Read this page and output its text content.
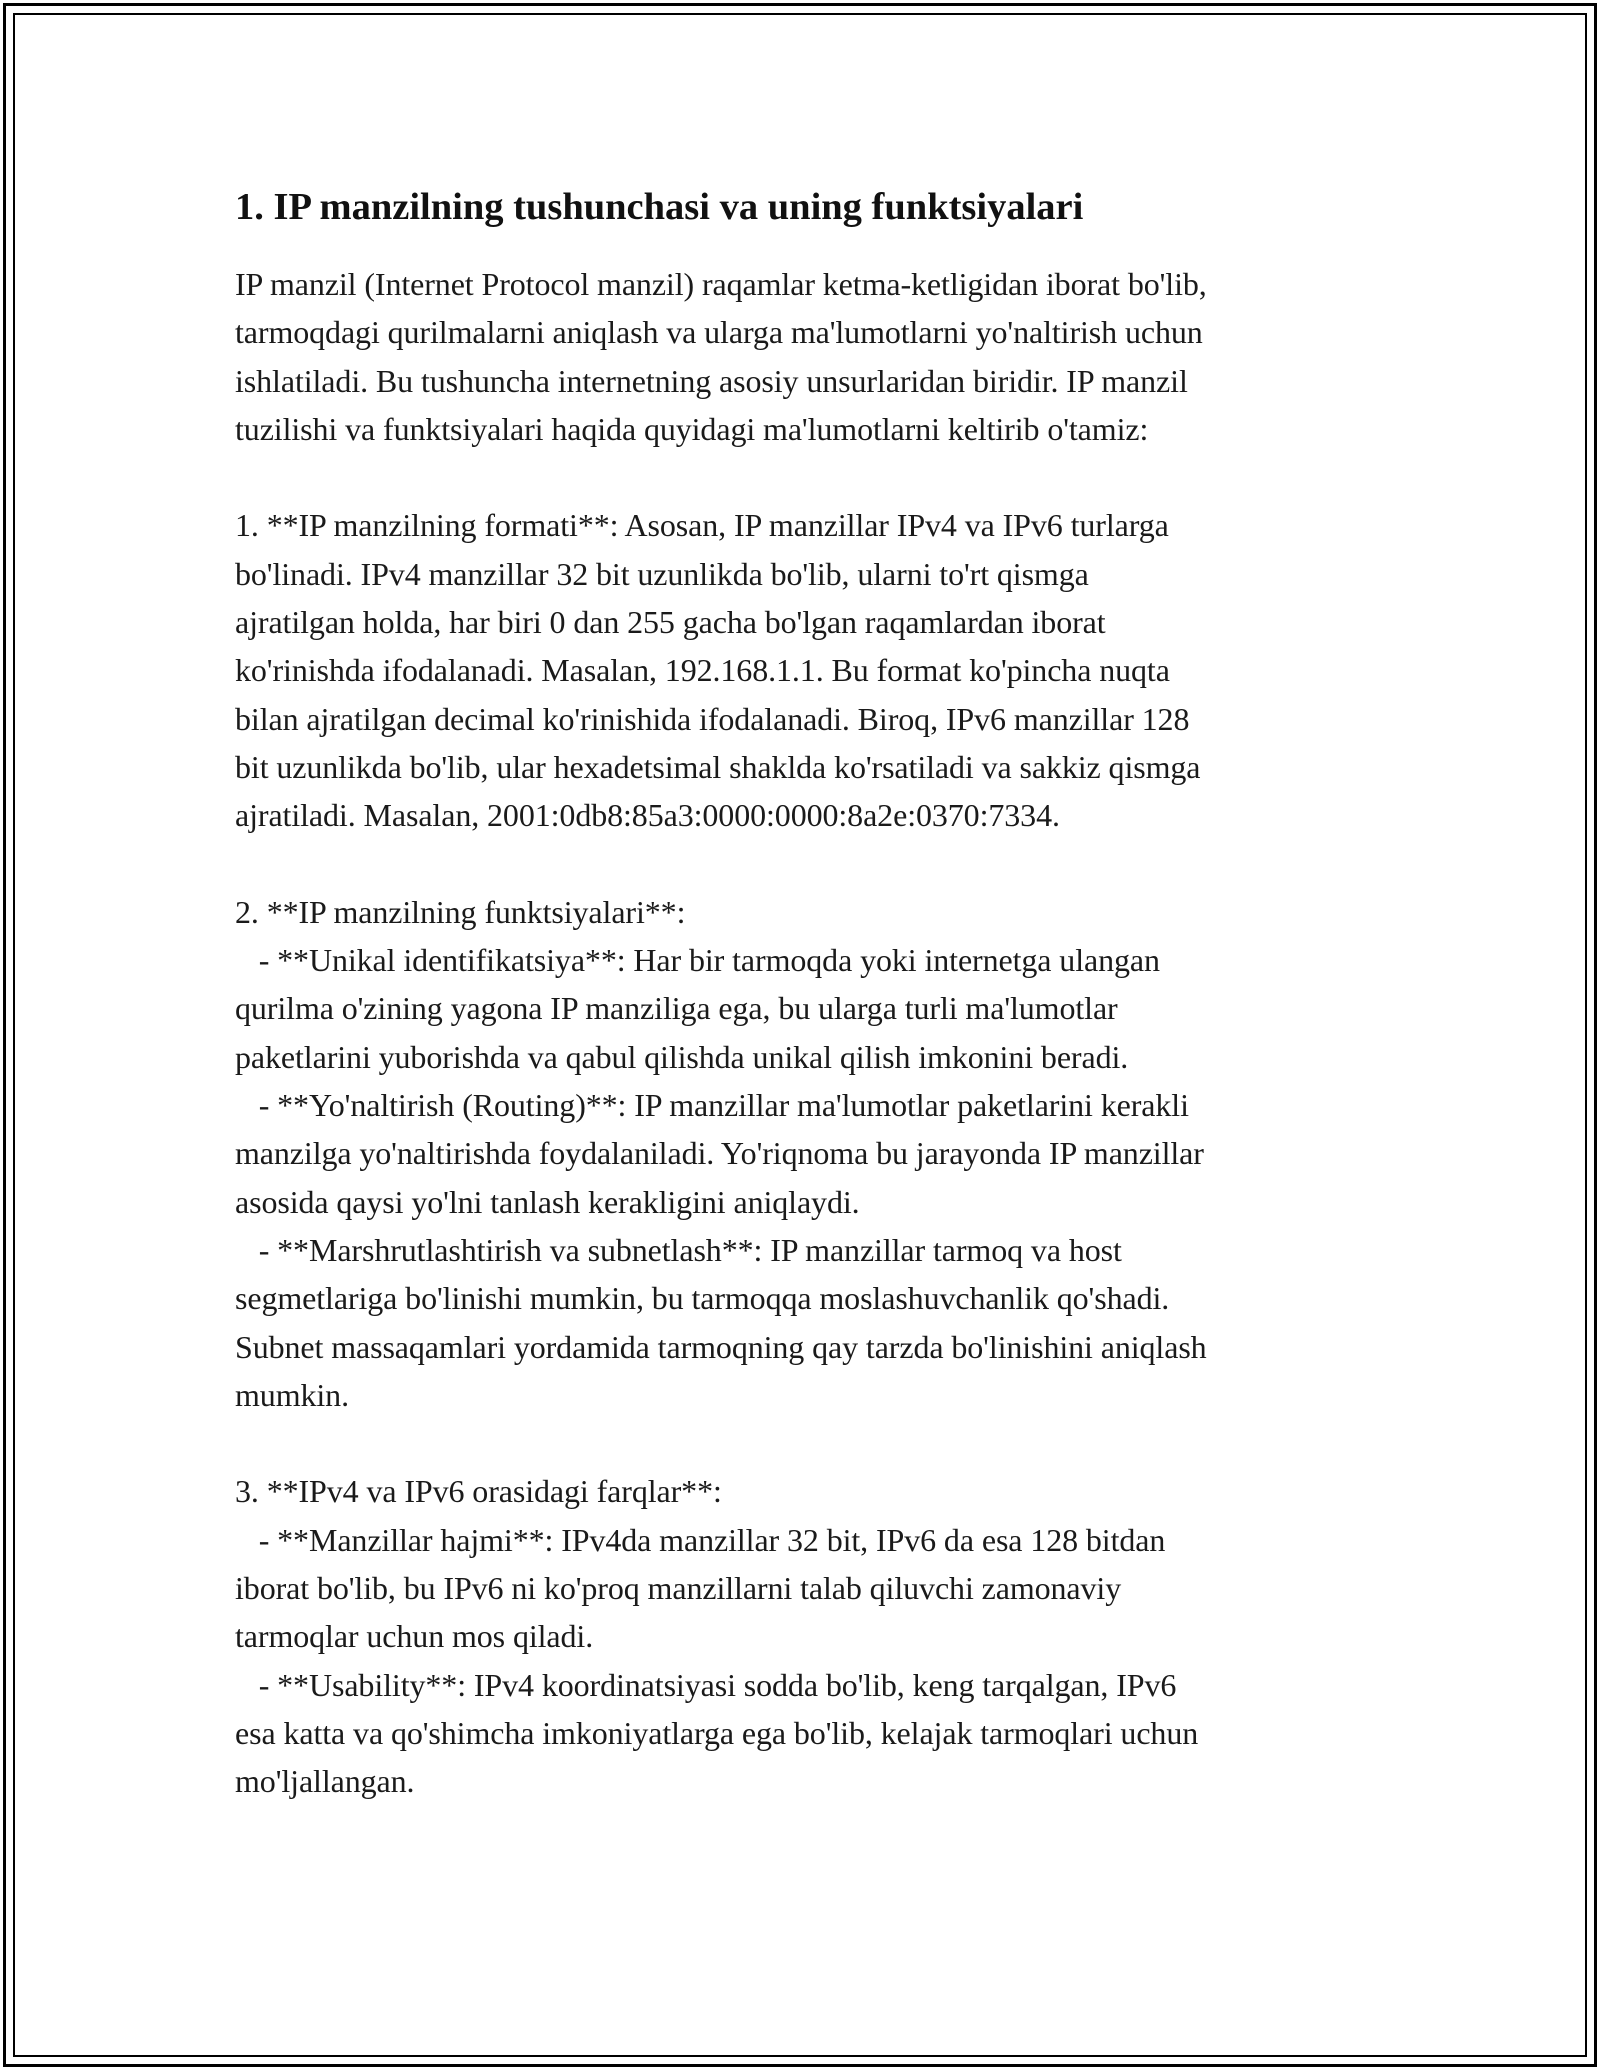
1. IP manzilning tushunchasi va uning funktsiyalari

IP manzil (Internet Protocol manzil) raqamlar ketma-ketligidan iborat bo'lib,
tarmoqdagi qurilmalarni aniqlash va ularga ma'lumotlarni yo'naltirish uchun
ishlatiladi. Bu tushuncha internetning asosiy unsurlaridan biridir. IP manzil
tuzilishi va funktsiyalari haqida quyidagi ma'lumotlarni keltirib o'tamiz:

1. **IP manzilning formati**: Asosan, IP manzillar IPv4 va IPv6 turlarga
bo'linadi. IPv4 manzillar 32 bit uzunlikda bo'lib, ularni to'rt qismga
ajratilgan holda, har biri 0 dan 255 gacha bo'lgan raqamlardan iborat
ko'rinishda ifodalanadi. Masalan, 192.168.1.1. Bu format ko'pincha nuqta
bilan ajratilgan decimal ko'rinishida ifodalanadi. Biroq, IPv6 manzillar 128
bit uzunlikda bo'lib, ular hexadetsimal shaklda ko'rsatiladi va sakkiz qismga
ajratiladi. Masalan, 2001:0db8:85a3:0000:0000:8a2e:0370:7334.

2. **IP manzilning funktsiyalari**:
- **Unikal identifikatsiya**: Har bir tarmoqda yoki internetga ulangan
qurilma o'zining yagona IP manziliga ega, bu ularga turli ma'lumotlar
paketlarini yuborishda va qabul qilishda unikal qilish imkonini beradi.
- **Yo'naltirish (Routing)**: IP manzillar ma'lumotlar paketlarini kerakli
manzilga yo'naltirishda foydalaniladi. Yo'riqnoma bu jarayonda IP manzillar
asosida qaysi yo'lni tanlash kerakligini aniqlaydi.
- **Marshrutlashtirish va subnetlash**: IP manzillar tarmoq va host
segmetlariga bo'linishi mumkin, bu tarmoqqa moslashuvchanlik qo'shadi.
Subnet massaqamlari yordamida tarmoqning qay tarzda bo'linishini aniqlash
mumkin.

3. **IPv4 va IPv6 orasidagi farqlar**:
- **Manzillar hajmi**: IPv4da manzillar 32 bit, IPv6 da esa 128 bitdan
iborat bo'lib, bu IPv6 ni ko'proq manzillarni talab qiluvchi zamonaviy
tarmoqlar uchun mos qiladi.
- **Usability**: IPv4 koordinatsiyasi sodda bo'lib, keng tarqalgan, IPv6
esa katta va qo'shimcha imkoniyatlarga ega bo'lib, kelajak tarmoqlari uchun
mo'ljallangan.
